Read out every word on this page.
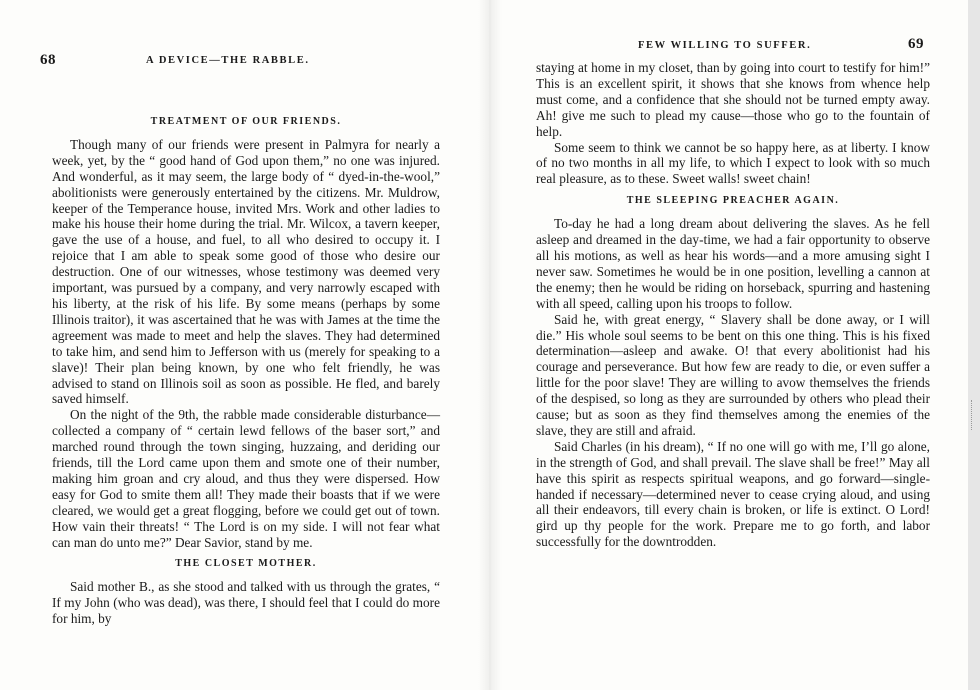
68	A DEVICE—THE RABBLE.
TREATMENT OF OUR FRIENDS.

Though many of our friends were present in Palmyra for nearly a week, yet, by the “ good hand of God upon them,” no one was injured. And wonderful, as it may seem, the large body of “ dyed-in-the-wool,” abolitionists were generously entertained by the citizens. Mr. Muldrow, keeper of the Temperance house, invited Mrs. Work and other ladies to make his house their home during the trial. Mr. Wilcox, a tavern keeper, gave the use of a house, and fuel, to all who desired to occupy it. I rejoice that I am able to speak some good of those who desire our destruction. One of our witnesses, whose testimony was deemed very important, was pursued by a company, and very narrowly escaped with his liberty, at the risk of his life. By some means (perhaps by some Illinois traitor), it was ascertained that he was with James at the time the agreement was made to meet and help the slaves. They had determined to take him, and send him to Jefferson with us (merely for speaking to a slave)! Their plan being known, by one who felt friendly, he was advised to stand on Illinois soil as soon as possible. He fled, and barely saved himself.

On the night of the 9th, the rabble made considerable disturbance—collected a company of “ certain lewd fellows of the baser sort,” and marched round through the town singing, huzzaing, and deriding our friends, till the Lord came upon them and smote one of their number, making him groan and cry aloud, and thus they were dispersed. How easy for God to smite them all! They made their boasts that if we were cleared, we would get a great flogging, before we could get out of town. How vain their threats! “ The Lord is on my side. I will not fear what can man do unto me?” Dear Savior, stand by me.

THE CLOSET MOTHER.

Said mother B., as she stood and talked with us through the grates, “ If my John (who was dead), was there, I should feel that I could do more for him, by

FEW WILLING TO SUFFER.	69

staying at home in my closet, than by going into court to testify for him!” This is an excellent spirit, it shows that she knows from whence help must come, and a confidence that she should not be turned empty away. Ah! give me such to plead my cause—those who go to the fountain of help.

Some seem to think we cannot be so happy here, as at liberty. I know of no two months in all my life, to which I expect to look with so much real pleasure, as to these. Sweet walls! sweet chain!

THE SLEEPING PREACHER AGAIN.

To-day he had a long dream about delivering the slaves. As he fell asleep and dreamed in the day-time, we had a fair opportunity to observe all his motions, as well as hear his words—and a more amusing sight I never saw. Sometimes he would be in one position, levelling a cannon at the enemy; then he would be riding on horseback, spurring and hastening with all speed, calling upon his troops to follow.

Said he, with great energy, “ Slavery shall be done away, or I will die.” His whole soul seems to be bent on this one thing. This is his fixed determination—asleep and awake. O! that every abolitionist had his courage and perseverance. But how few are ready to die, or even suffer a little for the poor slave! They are willing to avow themselves the friends of the despised, so long as they are surrounded by others who plead their cause; but as soon as they find themselves among the enemies of the slave, they are still and afraid.

Said Charles (in his dream), “ If no one will go with me, I’ll go alone, in the strength of God, and shall prevail. The slave shall be free!” May all have this spirit as respects spiritual weapons, and go forward—single-handed if necessary—determined never to cease crying aloud, and using all their endeavors, till every chain is broken, or life is extinct. O Lord! gird up thy people for the work. Prepare me to go forth, and labor successfully for the downtrodden.
